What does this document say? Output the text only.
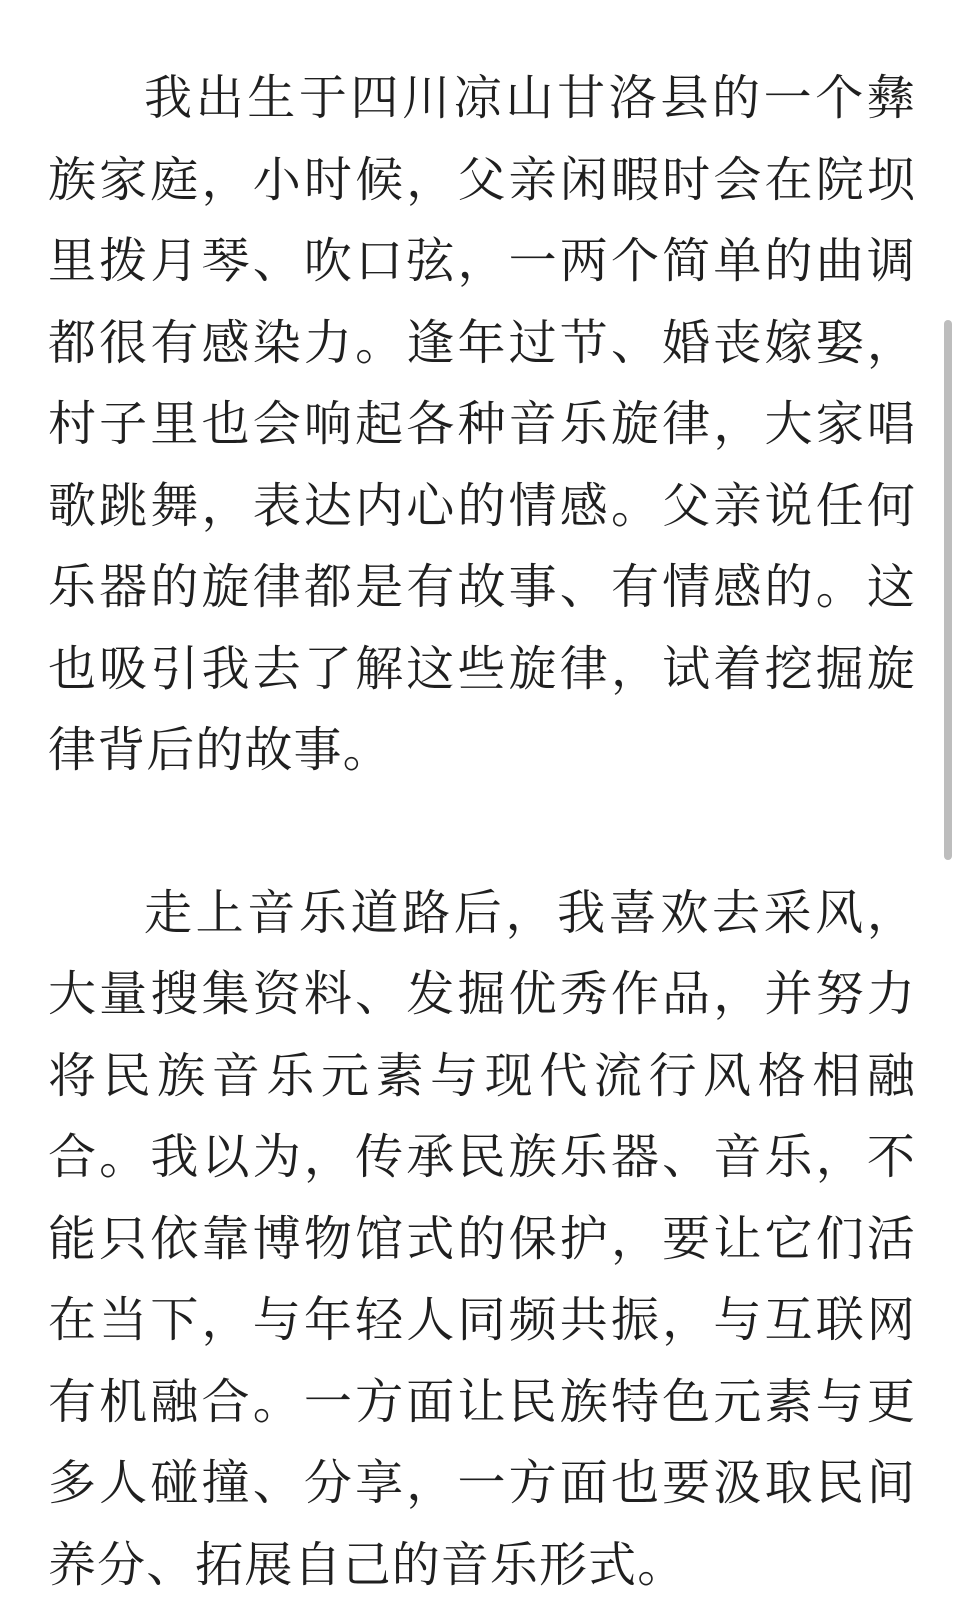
我出生于四川凉山甘洛县的一个彝族家庭，小时候，父亲闲暇时会在院坝里拨月琴、吹口弦，一两个简单的曲调都很有感染力。逢年过节、婚丧嫁娶，村子里也会响起各种音乐旋律，大家唱歌跳舞，表达内心的情感。父亲说任何乐器的旋律都是有故事、有情感的。这也吸引我去了解这些旋律，试着挖掘旋律背后的故事。

走上音乐道路后，我喜欢去采风，大量搜集资料、发掘优秀作品，并努力将民族音乐元素与现代流行风格相融合。我以为，传承民族乐器、音乐，不能只依靠博物馆式的保护，要让它们活在当下，与年轻人同频共振，与互联网有机融合。一方面让民族特色元素与更多人碰撞、分享，一方面也要汲取民间养分、拓展自己的音乐形式。
